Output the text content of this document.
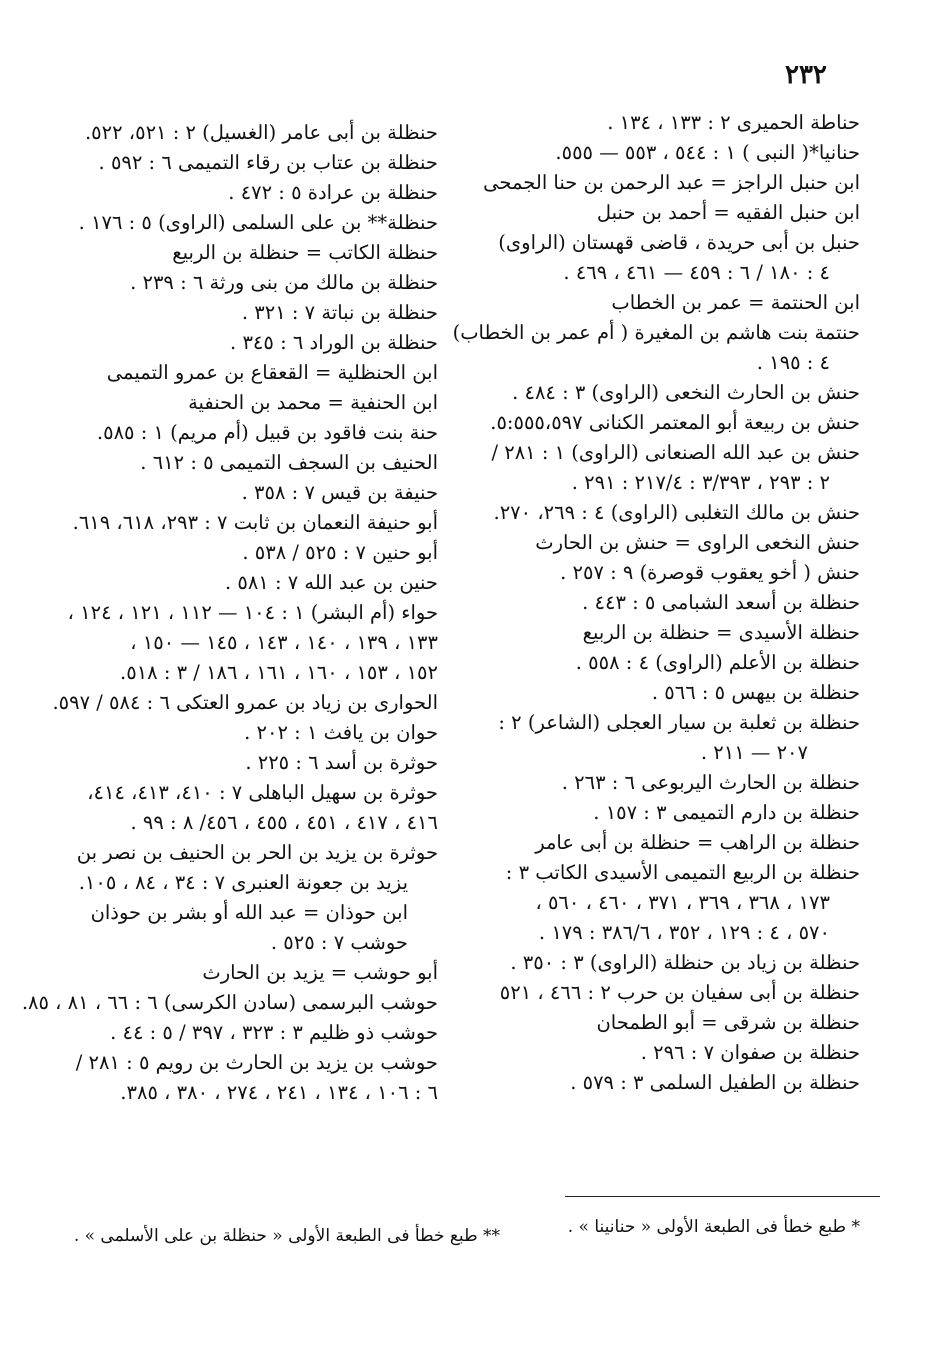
٢٣٢
حناطة الحميرى ٢ : ١٣٣ ، ١٣٤ .
حنانيا*( النبى ) ١ : ٥٤٤ ، ٥٥٣ — ٥٥٥.
ابن حنبل الراجز = عبد الرحمن بن حنا الجمحى
ابن حنبل الفقيه = أحمد بن حنبل
حنبل بن أبى حريدة ، قاضى قهستان (الراوى)
٤ : ١٨٠ / ٦ : ٤٥٩ — ٤٦١ ، ٤٦٩ .
ابن الحنتمة = عمر بن الخطاب
حنتمة بنت هاشم بن المغيرة ( أم عمر بن الخطاب)
٤ : ١٩٥ .
حنش بن الحارث النخعى (الراوى) ٣ : ٤٨٤ .
حنش بن ربيعة أبو المعتمر الكنانى ٥:٥٥٥،٥٩٧.
حنش بن عبد الله الصنعانى (الراوى) ١ : ٢٨١ /
٢ : ٢٩٣ ، ٣/٣٩٣ : ٢١٧/٤ : ٢٩١ .
حنش بن مالك التغلبى (الراوى) ٤ : ٢٦٩، ٢٧٠.
حنش النخعى الراوى = حنش بن الحارث
حنش ( أخو يعقوب قوصرة) ٩ : ٢٥٧ .
حنظلة بن أسعد الشبامى ٥ : ٤٤٣ .
حنظلة الأسيدى = حنظلة بن الربيع
حنظلة بن الأعلم (الراوى) ٤ : ٥٥٨ .
حنظلة بن بيهس ٥ : ٥٦٦ .
حنظلة بن ثعلبة بن سيار العجلى (الشاعر) ٢ :
٢٠٧ — ٢١١ .
حنظلة بن الحارث اليربوعى ٦ : ٢٦٣ .
حنظلة بن دارم التميمى ٣ : ١٥٧ .
حنظلة بن الراهب = حنظلة بن أبى عامر
حنظلة بن الربيع التميمى الأسيدى الكاتب ٣ :
١٧٣ ، ٣٦٨ ، ٣٦٩ ، ٣٧١ ، ٤٦٠ ، ٥٦٠ ،
٥٧٠ ، ٤ : ١٢٩ ، ٣٥٢ ، ٣٨٦/٦ : ١٧٩ .
حنظلة بن زياد بن حنظلة (الراوى) ٣ : ٣٥٠ .
حنظلة بن أبى سفيان بن حرب ٢ : ٤٦٦ ، ٥٢١
حنظلة بن شرقى = أبو الطمحان
حنظلة بن صفوان ٧ : ٢٩٦ .
حنظلة بن الطفيل السلمى ٣ : ٥٧٩ .
حنظلة بن أبى عامر (الغسيل) ٢ : ٥٢١، ٥٢٢.
حنظلة بن عتاب بن رقاء التميمى ٦ : ٥٩٢ .
حنظلة بن عرادة ٥ : ٤٧٢ .
حنظلة** بن على السلمى (الراوى) ٥ : ١٧٦ .
حنظلة الكاتب = حنظلة بن الربيع
حنظلة بن مالك من بنى ورثة ٦ : ٢٣٩ .
حنظلة بن نباتة ٧ : ٣٢١ .
حنظلة بن الوراد ٦ : ٣٤٥ .
ابن الحنظلية = القعقاع بن عمرو التميمى
ابن الحنفية = محمد بن الحنفية
حنة بنت فاقود بن قبيل (أم مريم) ١ : ٥٨٥.
الحنيف بن السجف التميمى ٥ : ٦١٢ .
حنيفة بن قيس ٧ : ٣٥٨ .
أبو حنيفة النعمان بن ثابت ٧ : ٢٩٣، ٦١٨، ٦١٩.
أبو حنين ٧ : ٥٢٥ / ٥٣٨ .
حنين بن عبد الله ٧ : ٥٨١ .
حواء (أم البشر) ١ : ١٠٤ — ١١٢ ، ١٢١ ، ١٢٤ ،
١٣٣ ، ١٣٩ ، ١٤٠ ، ١٤٣ ، ١٤٥ — ١٥٠ ،
١٥٢ ، ١٥٣ ، ١٦٠ ، ١٦١ ، ١٨٦ / ٣ : ٥١٨.
الحوارى بن زياد بن عمرو العتكى ٦ : ٥٨٤ / ٥٩٧.
حوان بن يافث ١ : ٢٠٢ .
حوثرة بن أسد ٦ : ٢٢٥ .
حوثرة بن سهيل الباهلى ٧ : ٤١٠، ٤١٣، ٤١٤،
٤١٦ ، ٤١٧ ، ٤٥١ ، ٤٥٥ ، ٤٥٦/ ٨ : ٩٩ .
حوثرة بن يزيد بن الحر بن الحنيف بن نصر بن
يزيد بن جعونة العنبرى ٧ : ٣٤ ، ٨٤ ، ١٠٥.
ابن حوذان = عبد الله أو بشر بن حوذان
حوشب ٧ : ٥٢٥ .
أبو حوشب = يزيد بن الحارث
حوشب البرسمى (سادن الكرسى) ٦ : ٦٦ ، ٨١ ، ٨٥.
حوشب ذو ظليم ٣ : ٣٢٣ ، ٣٩٧ / ٥ : ٤٤ .
حوشب بن يزيد بن الحارث بن رويم ٥ : ٢٨١ /
٦ : ١٠٦ ، ١٣٤ ، ٢٤١ ، ٢٧٤ ، ٣٨٠ ، ٣٨٥.
* طبع خطأ فى الطبعة الأولى « حنانينا » .
** طبع خطأ فى الطبعة الأولى « حنظلة بن على الأسلمى » .
